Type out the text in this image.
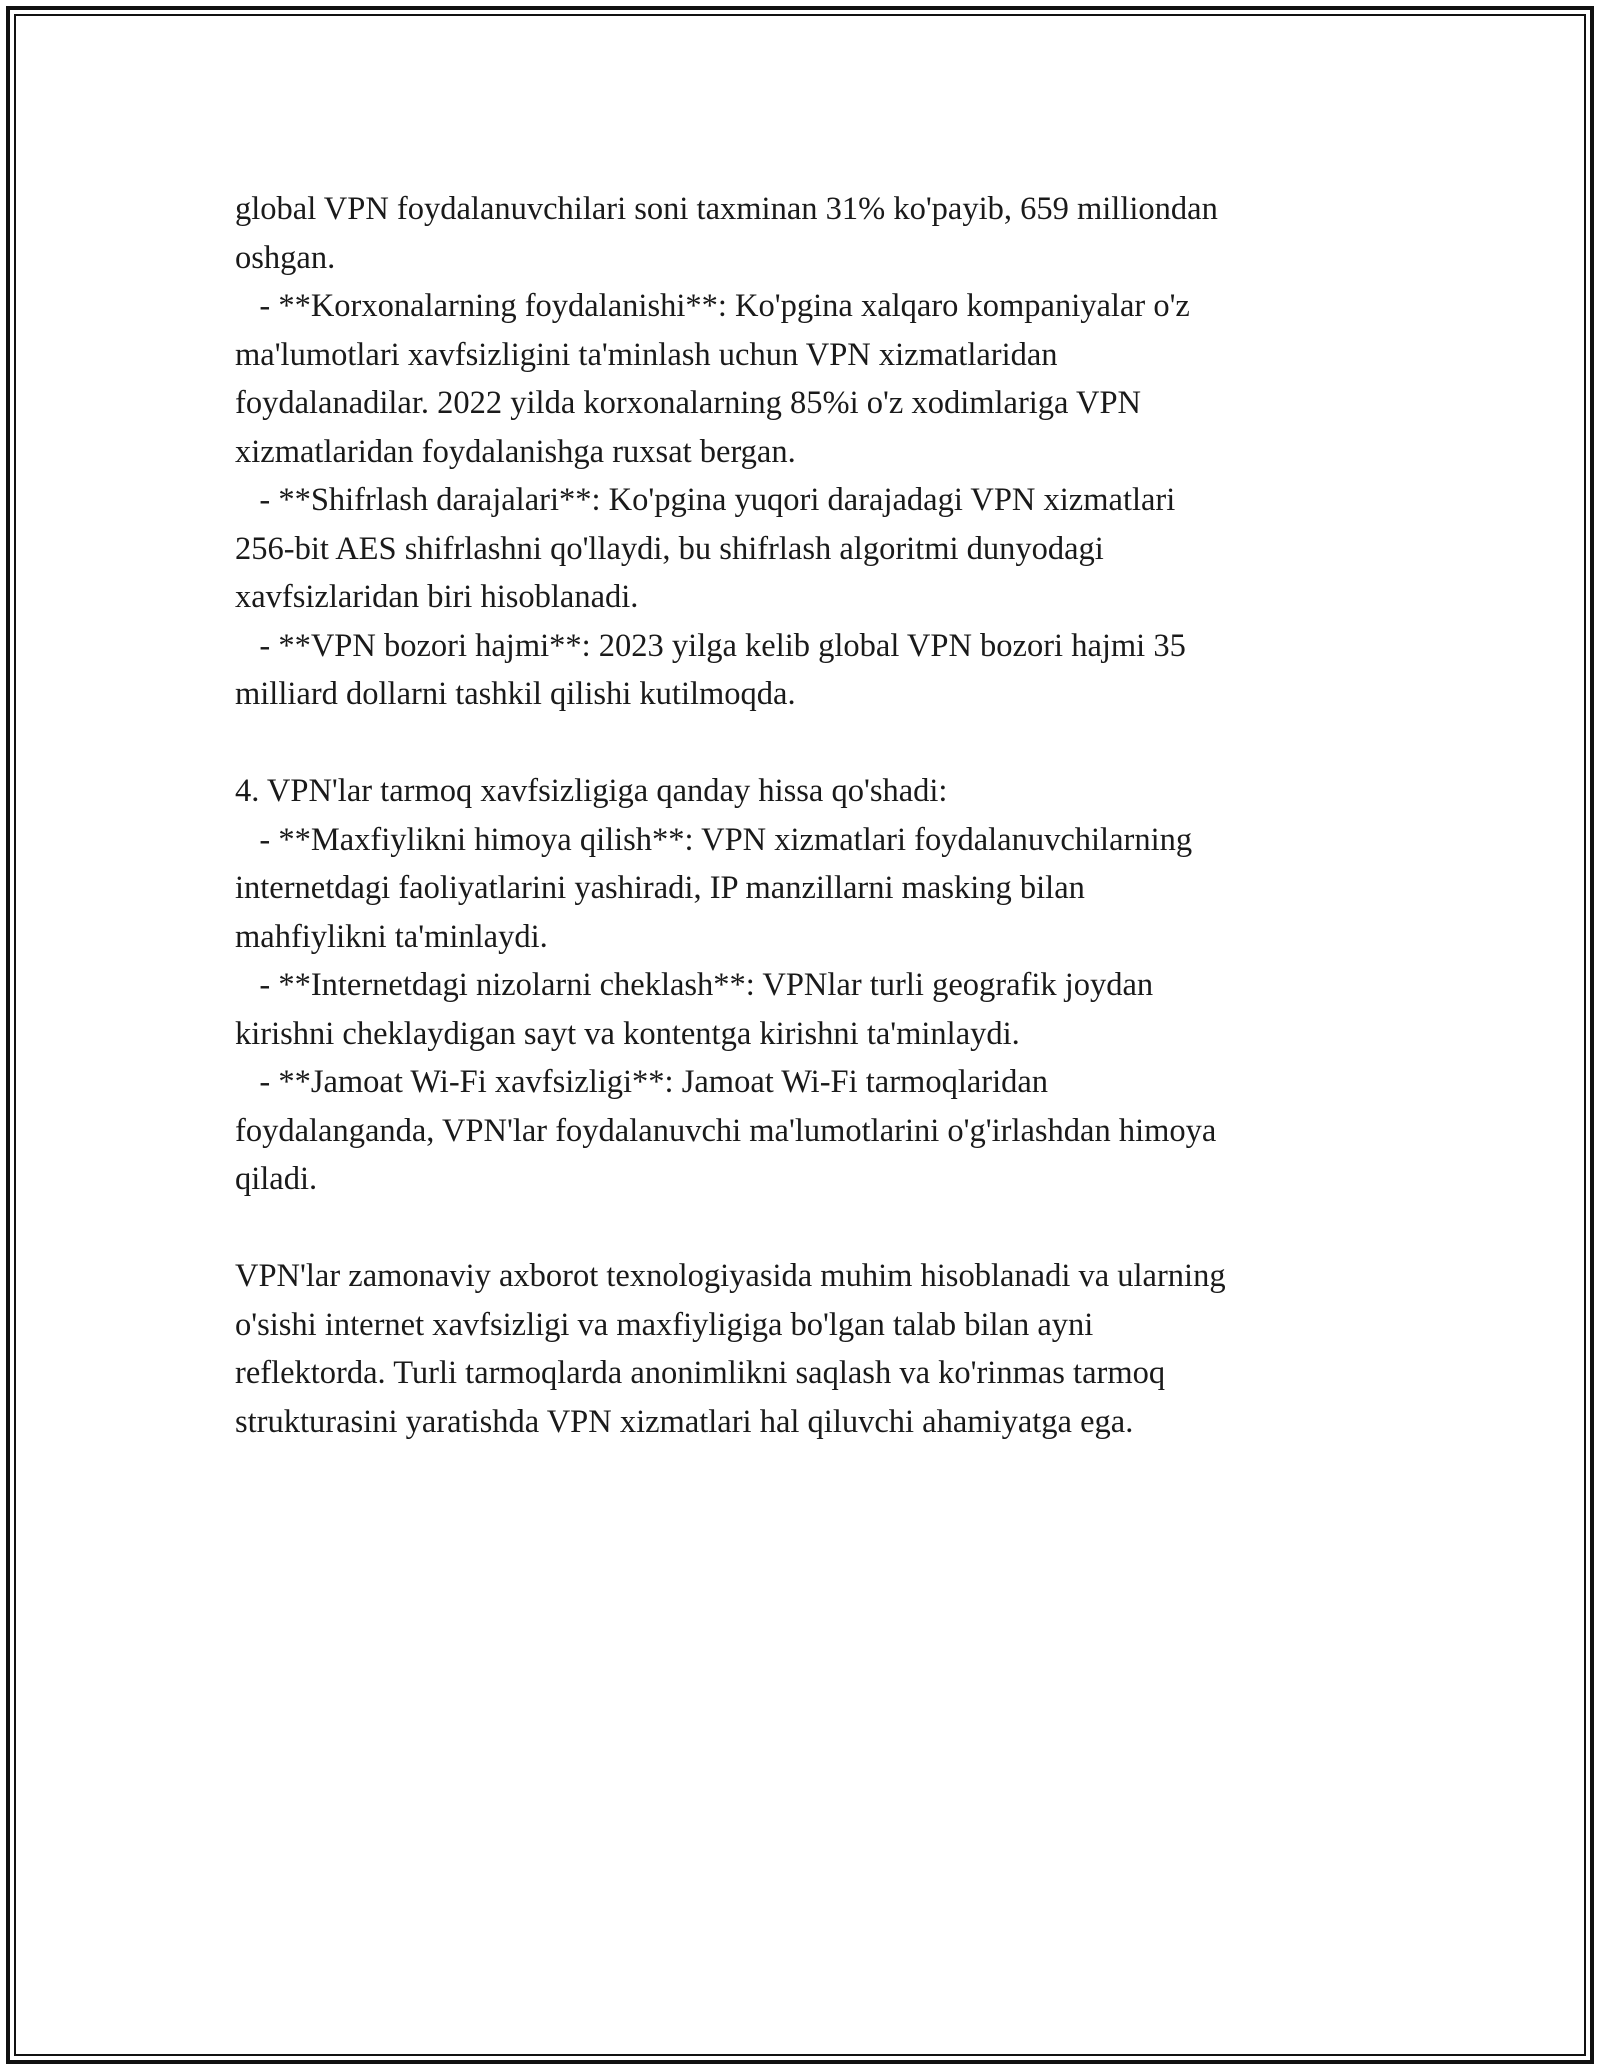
global VPN foydalanuvchilari soni taxminan 31% ko'payib, 659 milliondan
oshgan.
- **Korxonalarning foydalanishi**: Ko'pgina xalqaro kompaniyalar o'z
ma'lumotlari xavfsizligini ta'minlash uchun VPN xizmatlaridan
foydalanadilar. 2022 yilda korxonalarning 85%i o'z xodimlariga VPN
xizmatlaridan foydalanishga ruxsat bergan.
- **Shifrlash darajalari**: Ko'pgina yuqori darajadagi VPN xizmatlari
256-bit AES shifrlashni qo'llaydi, bu shifrlash algoritmi dunyodagi
xavfsizlaridan biri hisoblanadi.
- **VPN bozori hajmi**: 2023 yilga kelib global VPN bozori hajmi 35
milliard dollarni tashkil qilishi kutilmoqda.
4. VPN'lar tarmoq xavfsizligiga qanday hissa qo'shadi:
- **Maxfiylikni himoya qilish**: VPN xizmatlari foydalanuvchilarning
internetdagi faoliyatlarini yashiradi, IP manzillarni masking bilan
mahfiylikni ta'minlaydi.
- **Internetdagi nizolarni cheklash**: VPNlar turli geografik joydan
kirishni cheklaydigan sayt va kontentga kirishni ta'minlaydi.
- **Jamoat Wi-Fi xavfsizligi**: Jamoat Wi-Fi tarmoqlaridan
foydalanganda, VPN'lar foydalanuvchi ma'lumotlarini o'g'irlashdan himoya
qiladi.
VPN'lar zamonaviy axborot texnologiyasida muhim hisoblanadi va ularning
o'sishi internet xavfsizligi va maxfiyligiga bo'lgan talab bilan ayni
reflektorda. Turli tarmoqlarda anonimlikni saqlash va ko'rinmas tarmoq
strukturasini yaratishda VPN xizmatlari hal qiluvchi ahamiyatga ega.
